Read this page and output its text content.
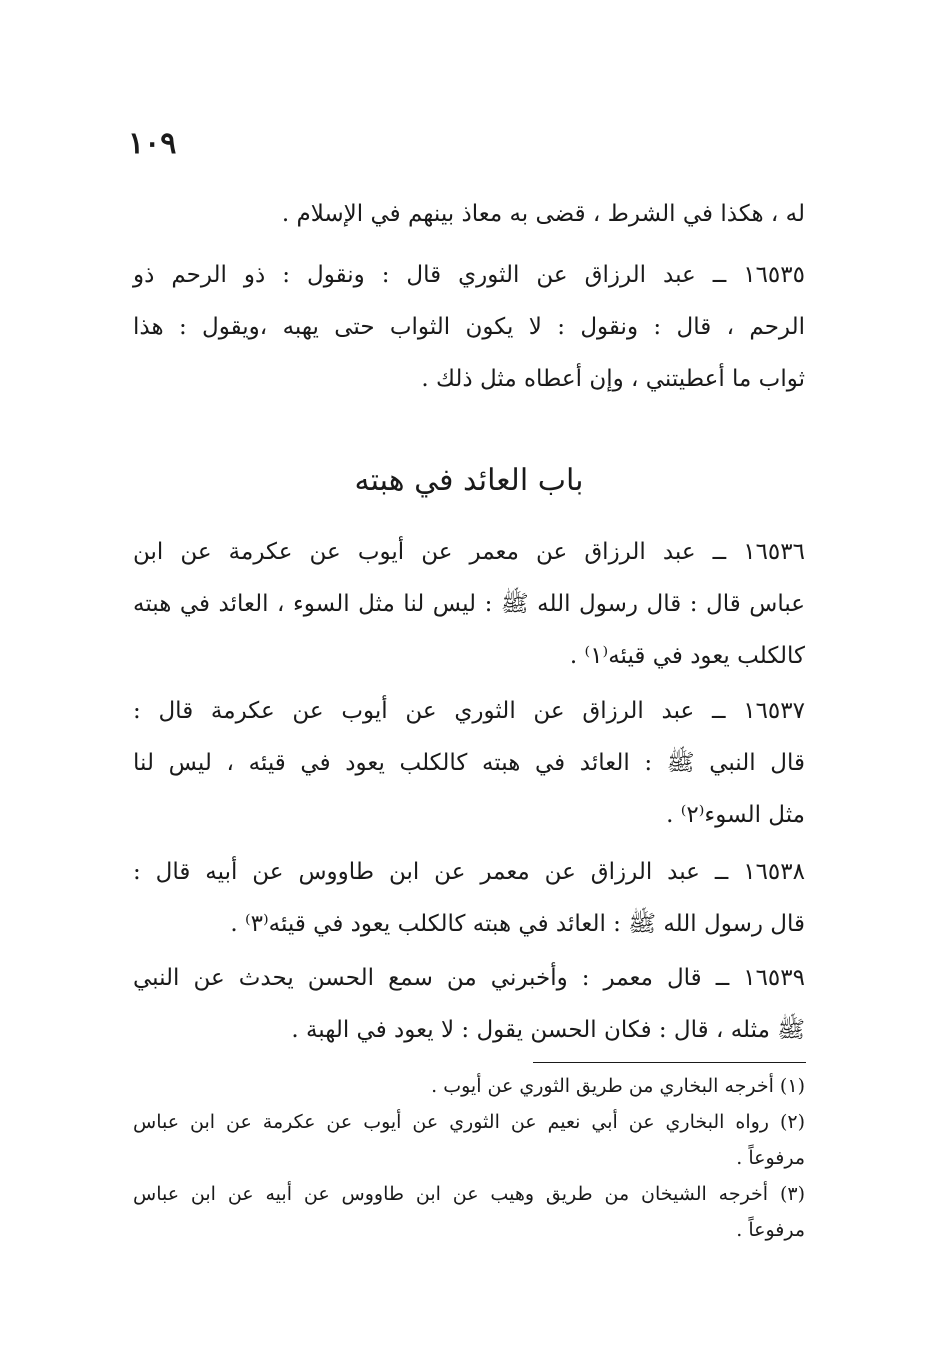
١٠٩
له ، هكذا في الشرط ، قضى به معاذ بينهم في الإسلام .
١٦٥٣٥ ــ عبد الرزاق عن الثوري قال : ونقول : ذو الرحم ذو
الرحم ، قال : ونقول : لا يكون الثواب حتى يهبه ،ويقول : هذا
ثواب ما أعطيتني ، وإن أعطاه مثل ذلك .
باب العائد في هبته
١٦٥٣٦ ــ عبد الرزاق عن معمر عن أيوب عن عكرمة عن ابن
عباس قال : قال رسول الله ﷺ : ليس لنا مثل السوء ، العائد في هبته
كالكلب يعود في قيئه⁽١⁾ .
١٦٥٣٧ ــ عبد الرزاق عن الثوري عن أيوب عن عكرمة قال :
قال النبي ﷺ : العائد في هبته كالكلب يعود في قيئه ، ليس لنا
مثل السوء⁽٢⁾ .
١٦٥٣٨ ــ عبد الرزاق عن معمر عن ابن طاووس عن أبيه قال :
قال رسول الله ﷺ : العائد في هبته كالكلب يعود في قيئه⁽٣⁾ .
١٦٥٣٩ ــ قال معمر : وأخبرني من سمع الحسن يحدث عن النبي
ﷺ مثله ، قال : فكان الحسن يقول : لا يعود في الهبة .
(١) أخرجه البخاري من طريق الثوري عن أيوب .
(٢) رواه البخاري عن أبي نعيم عن الثوري عن أيوب عن عكرمة عن ابن عباس
مرفوعاً .
(٣) أخرجه الشيخان من طريق وهيب عن ابن طاووس عن أبيه عن ابن عباس
مرفوعاً .
